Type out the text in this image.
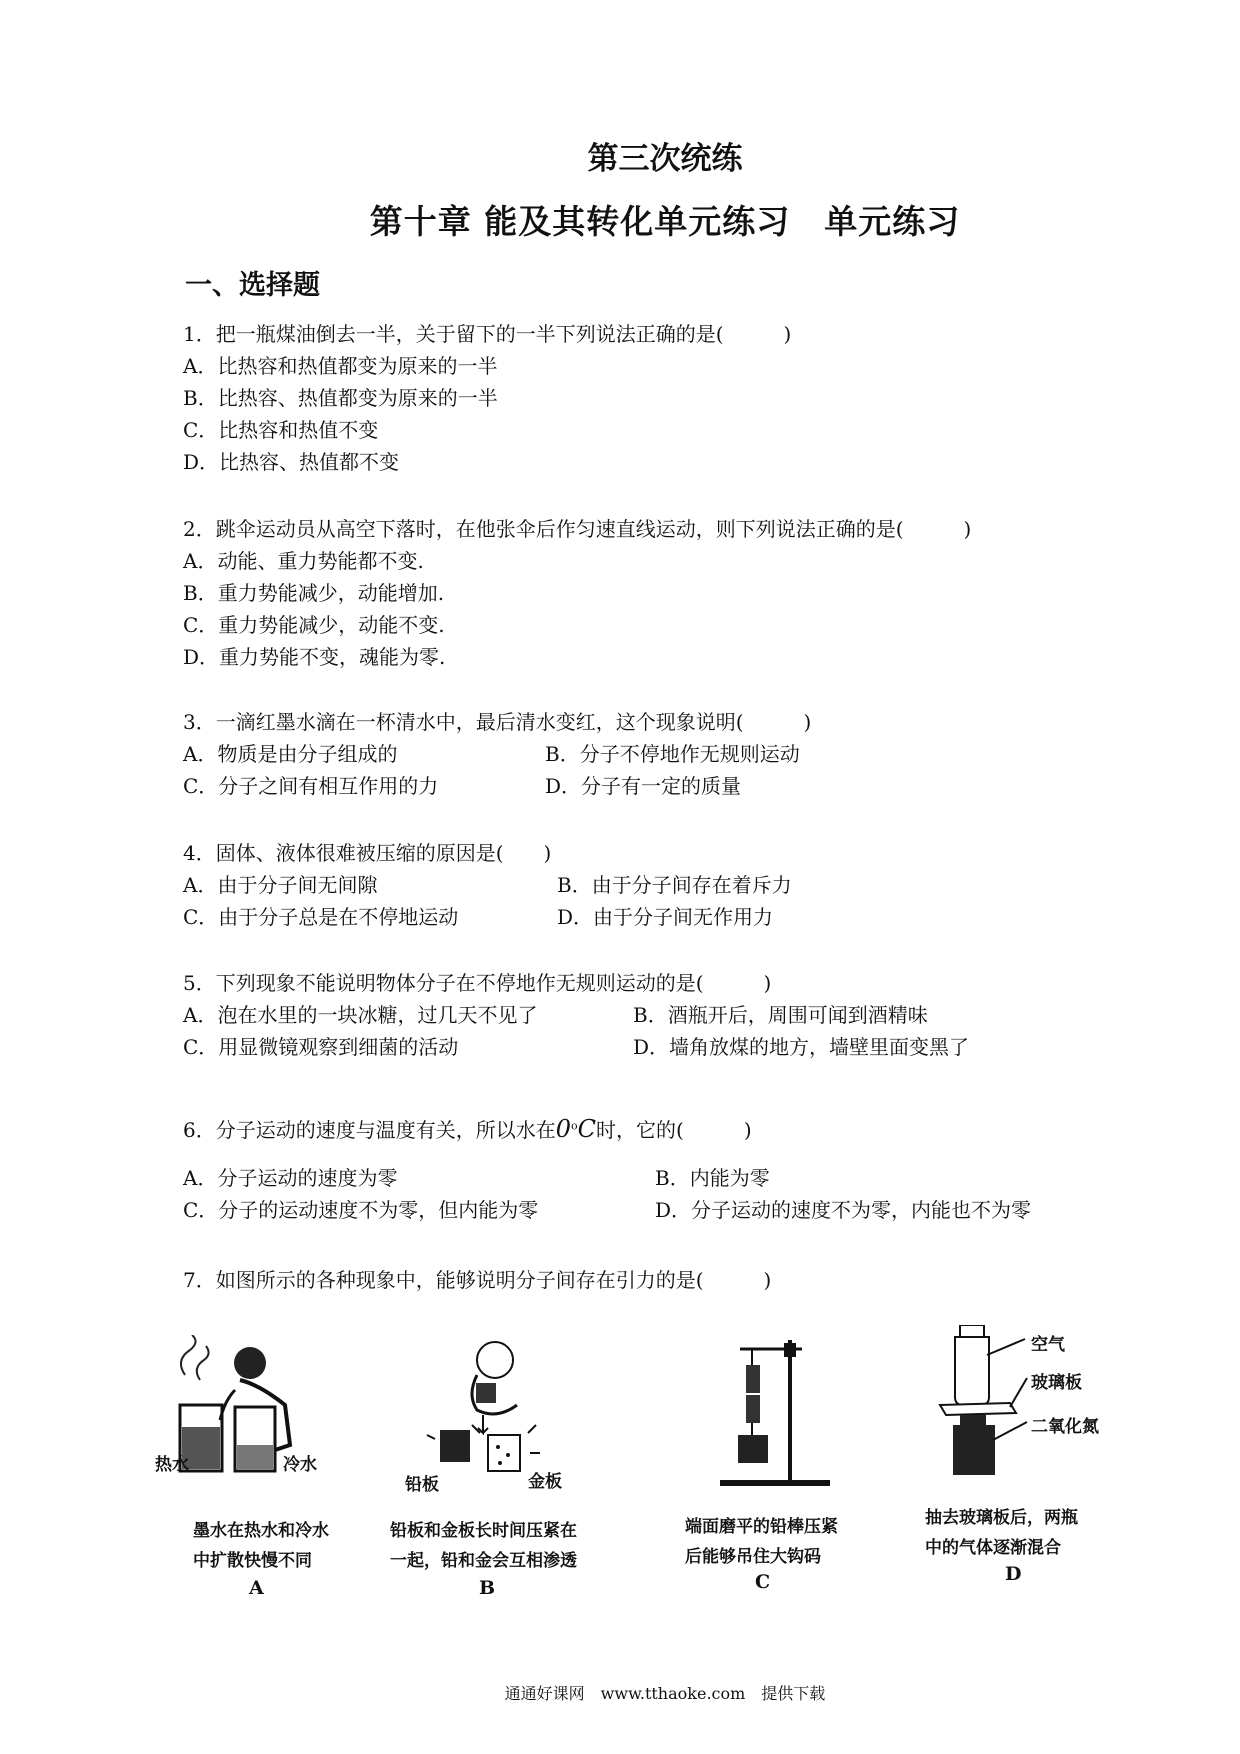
第三次统练
第十章 能及其转化单元练习　单元练习
一、选择题
1．把一瓶煤油倒去一半，关于留下的一半下列说法正确的是(　　　)
A．比热容和热值都变为原来的一半
B．比热容、热值都变为原来的一半
C．比热容和热值不变
D．比热容、热值都不变
2．跳伞运动员从高空下落时，在他张伞后作匀速直线运动，则下列说法正确的是(　　　)
A．动能、重力势能都不变.
B．重力势能减少，动能增加.
C．重力势能减少，动能不变.
D．重力势能不变，魂能为零.
3．一滴红墨水滴在一杯清水中，最后清水变红，这个现象说明(　　　)
A．物质是由分子组成的	B．分子不停地作无规则运动
C．分子之间有相互作用的力	D．分子有一定的质量
4．固体、液体很难被压缩的原因是(　　)
A．由于分子间无间隙	B．由于分子间存在着斥力
C．由于分子总是在不停地运动	D．由于分子间无作用力
5．下列现象不能说明物体分子在不停地作无规则运动的是(　　　)
A．泡在水里的一块冰糖，过几天不见了	B．酒瓶开后，周围可闻到酒精味
C．用显微镜观察到细菌的活动	D．墙角放煤的地方，墙壁里面变黑了
6．分子运动的速度与温度有关，所以水在0$^o$C时，它的(　　　)
A．分子运动的速度为零	B．内能为零
C．分子的运动速度不为零，但内能为零	D．分子运动的速度不为零，内能也不为零
7．如图所示的各种现象中，能够说明分子间存在引力的是(　　　)
热水	冷水
墨水在热水和冷水
中扩散快慢不同
A
铅板	金板
铅板和金板长时间压紧在
一起，铅和金会互相渗透
B
端面磨平的铅棒压紧
后能够吊住大钩码
C
空气
玻璃板
二氧化氮
抽去玻璃板后，两瓶
中的气体逐渐混合
D
通通好课网　www.tthaoke.com　提供下载
